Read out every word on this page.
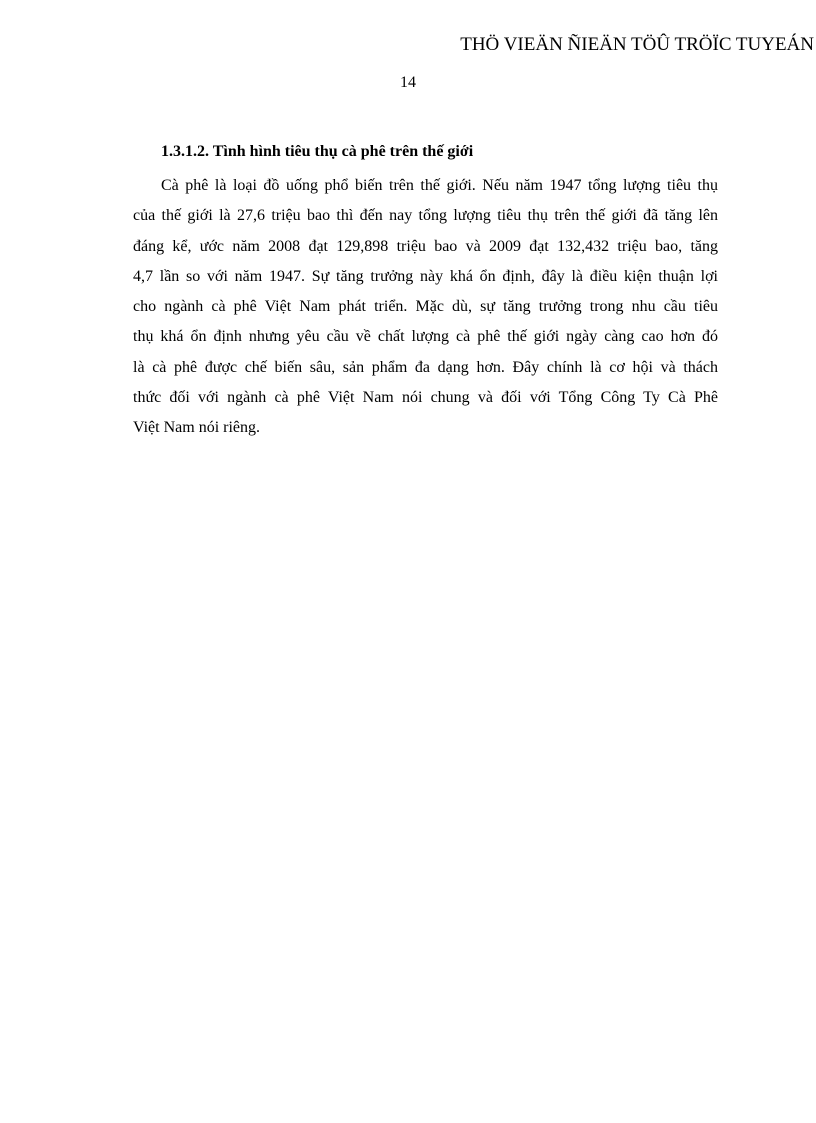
THÖ VIEÄN ÑIEÄN TÖÛ TRÖÏC TUYEÁN
14
1.3.1.2. Tình hình tiêu thụ cà phê trên thế giới
Cà phê là loại đồ uống phổ biến trên thế giới. Nếu năm 1947 tổng lượng tiêu thụ
của thế giới là 27,6 triệu bao thì đến nay tổng lượng tiêu thụ trên thế giới đã tăng lên
đáng kể, ước năm 2008 đạt 129,898 triệu bao và 2009 đạt 132,432 triệu bao, tăng
4,7 lần so với năm 1947. Sự tăng trưởng này khá ổn định, đây là điều kiện thuận lợi
cho ngành cà phê Việt Nam phát triển. Mặc dù, sự tăng trưởng trong nhu cầu tiêu
thụ khá ổn định nhưng yêu cầu về chất lượng cà phê thế giới ngày càng cao hơn đó
là cà phê được chế biến sâu, sản phẩm đa dạng hơn. Đây chính là cơ hội và thách
thức đối với ngành cà phê Việt Nam nói chung và đối với Tổng Công Ty Cà Phê
Việt Nam nói riêng.
